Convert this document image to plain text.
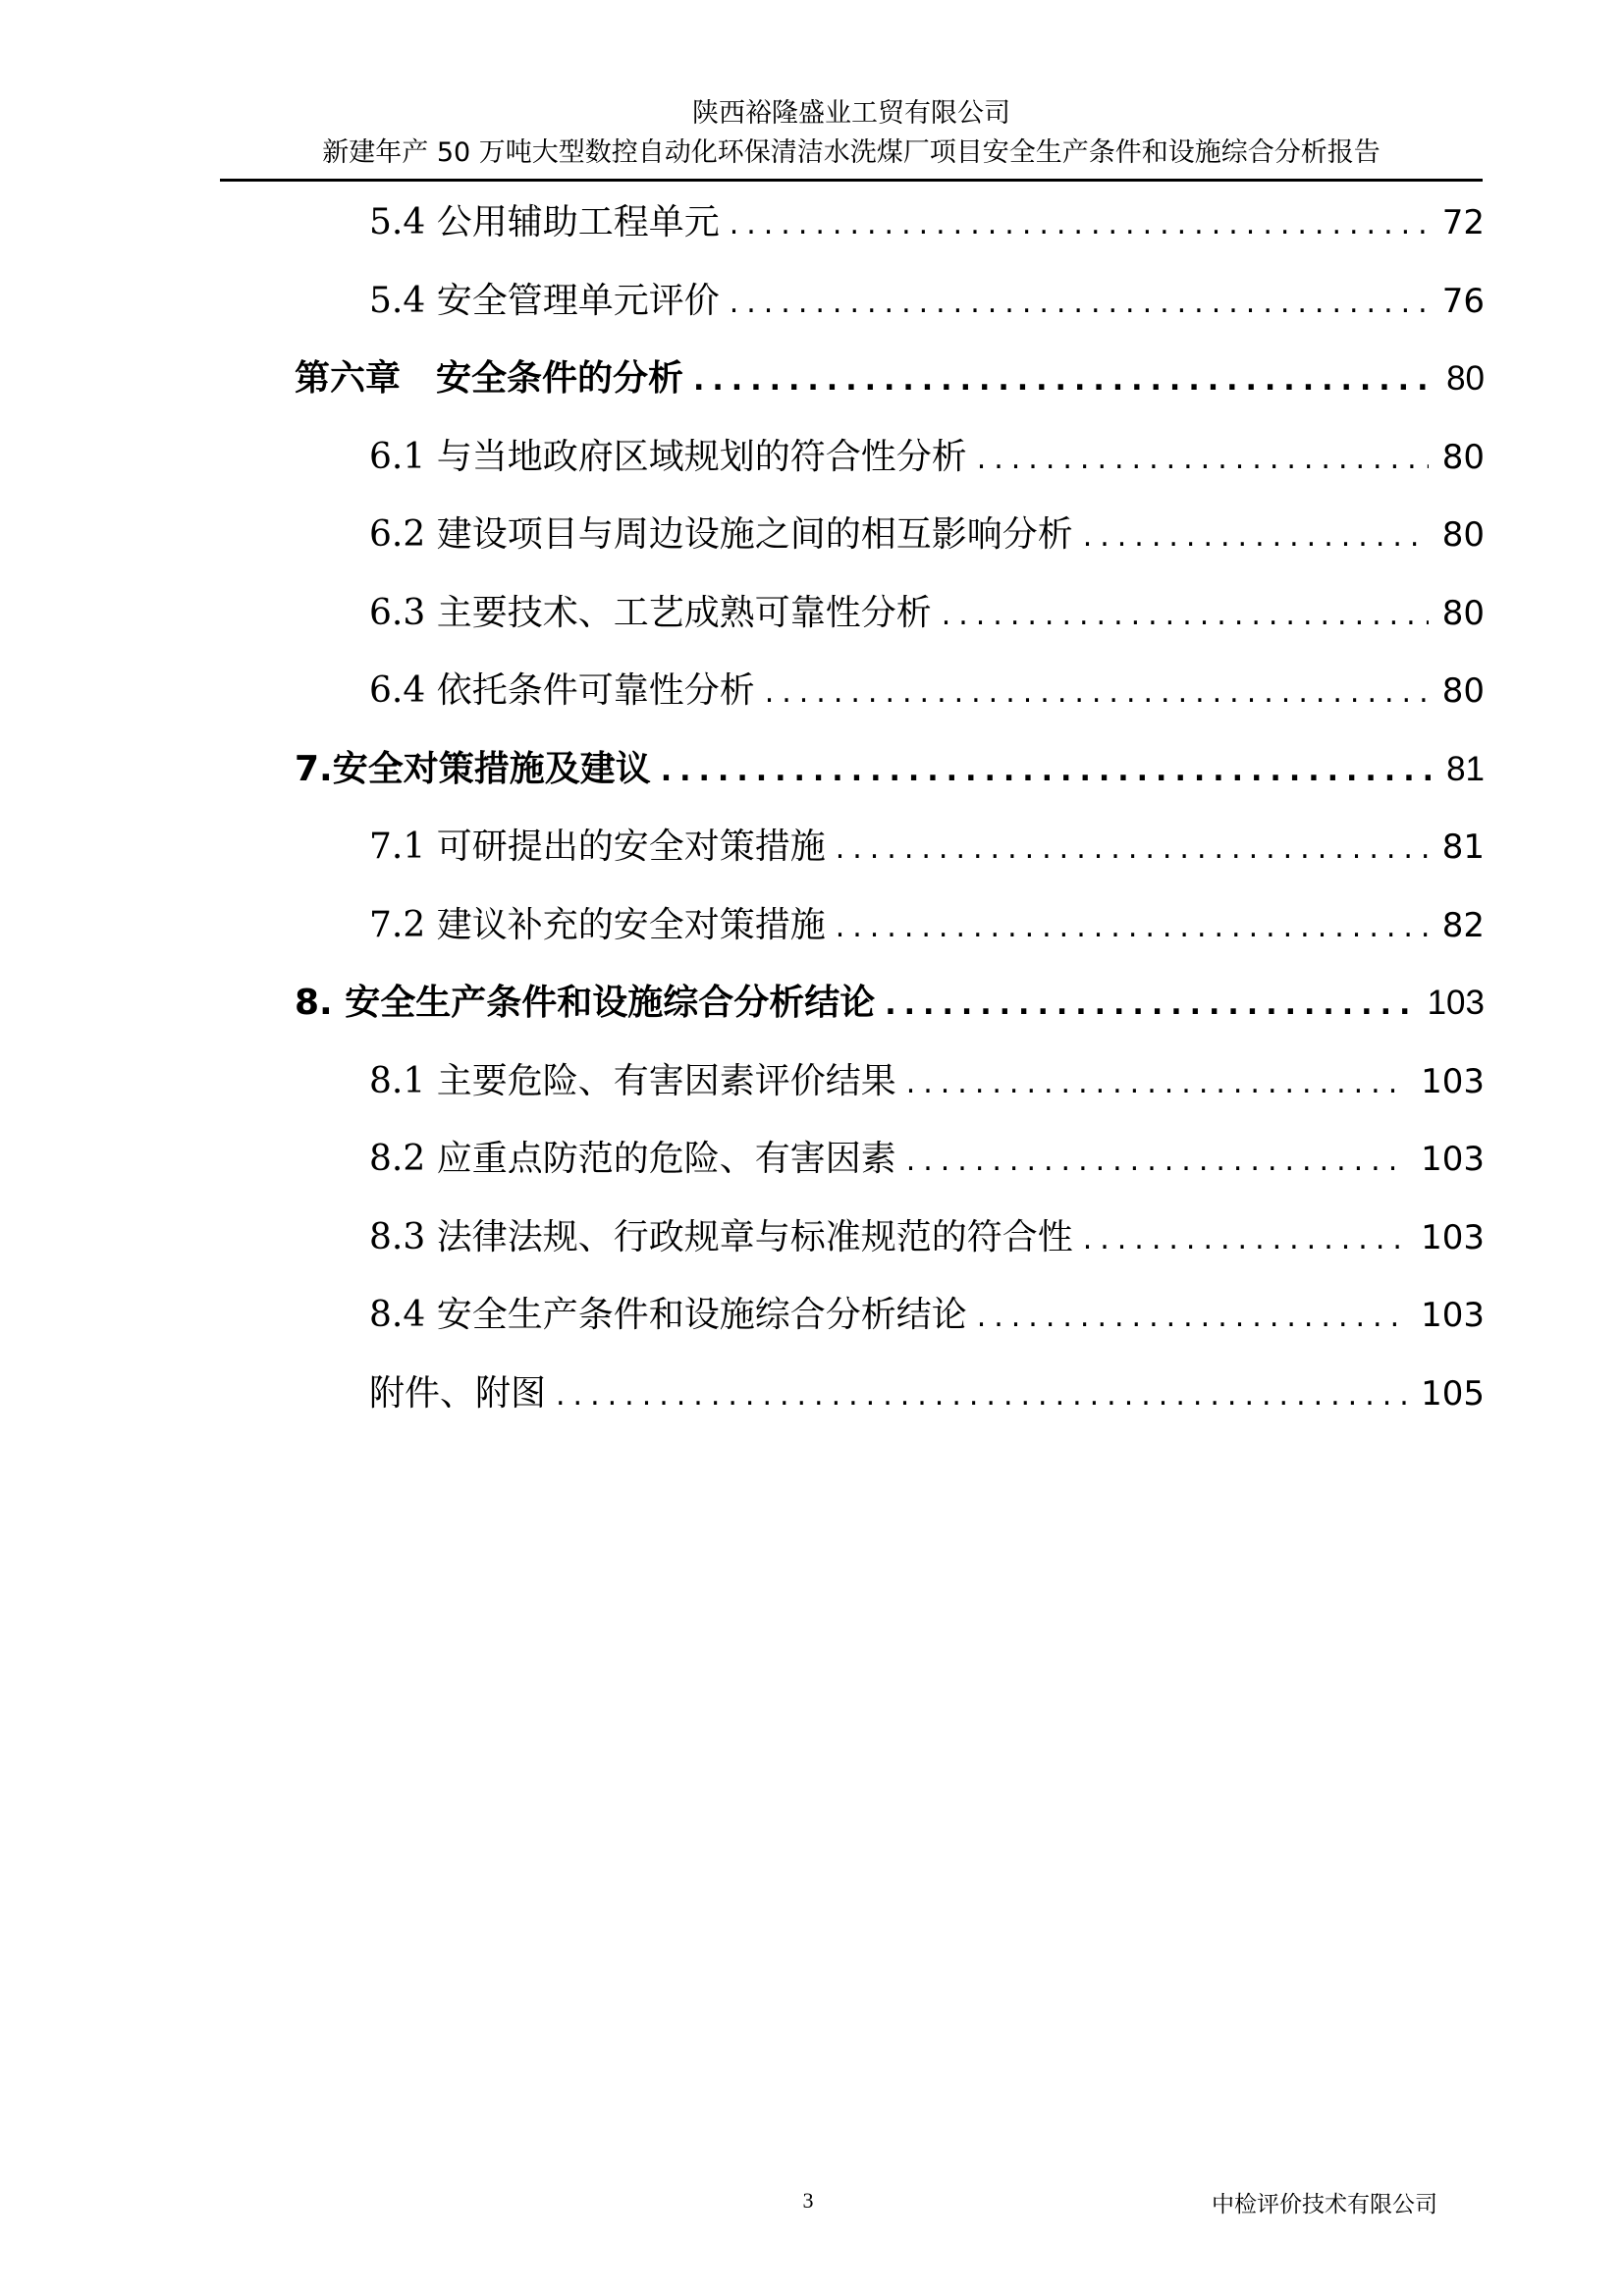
陕西裕隆盛业工贸有限公司
新建年产 50 万吨大型数控自动化环保清洁水洗煤厂项目安全生产条件和设施综合分析报告
5.4 公用辅助工程单元 .....	72
5.4 安全管理单元评价 .....	76
第六章　安全条件的分析 .....	80
6.1 与当地政府区域规划的符合性分析 .....	80
6.2 建设项目与周边设施之间的相互影响分析 .....	80
6.3 主要技术、工艺成熟可靠性分析 .....	80
6.4 依托条件可靠性分析 .....	80
7.安全对策措施及建议 .....	81
7.1 可研提出的安全对策措施 .....	81
7.2 建议补充的安全对策措施 .....	82
8. 安全生产条件和设施综合分析结论 .....	103
8.1 主要危险、有害因素评价结果 .....	103
8.2 应重点防范的危险、有害因素 .....	103
8.3 法律法规、行政规章与标准规范的符合性 .....	103
8.4 安全生产条件和设施综合分析结论 .....	103
附件、附图 .....	105
3	中检评价技术有限公司
